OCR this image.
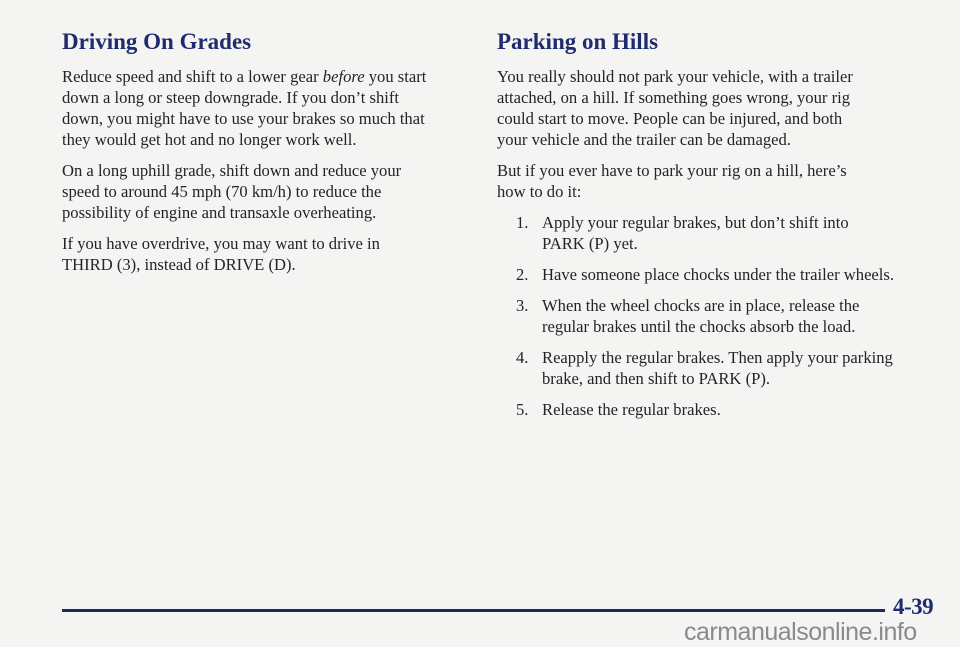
Driving On Grades

Reduce speed and shift to a lower gear before you start
down a long or steep downgrade. If you don’t shift
down, you might have to use your brakes so much that
they would get hot and no longer work well.

On a long uphill grade, shift down and reduce your
speed to around 45 mph (70 km/h) to reduce the
possibility of engine and transaxle overheating.

If you have overdrive, you may want to drive in
THIRD (3), instead of DRIVE (D).

Parking on Hills

You really should not park your vehicle, with a trailer
attached, on a hill. If something goes wrong, your rig
could start to move. People can be injured, and both
your vehicle and the trailer can be damaged.

But if you ever have to park your rig on a hill, here’s
how to do it:

1. Apply your regular brakes, but don’t shift into
PARK (P) yet.
2. Have someone place chocks under the trailer wheels.
3. When the wheel chocks are in place, release the
regular brakes until the chocks absorb the load.
4. Reapply the regular brakes. Then apply your parking
brake, and then shift to PARK (P).
5. Release the regular brakes.
4-39
carmanualsonline.info
